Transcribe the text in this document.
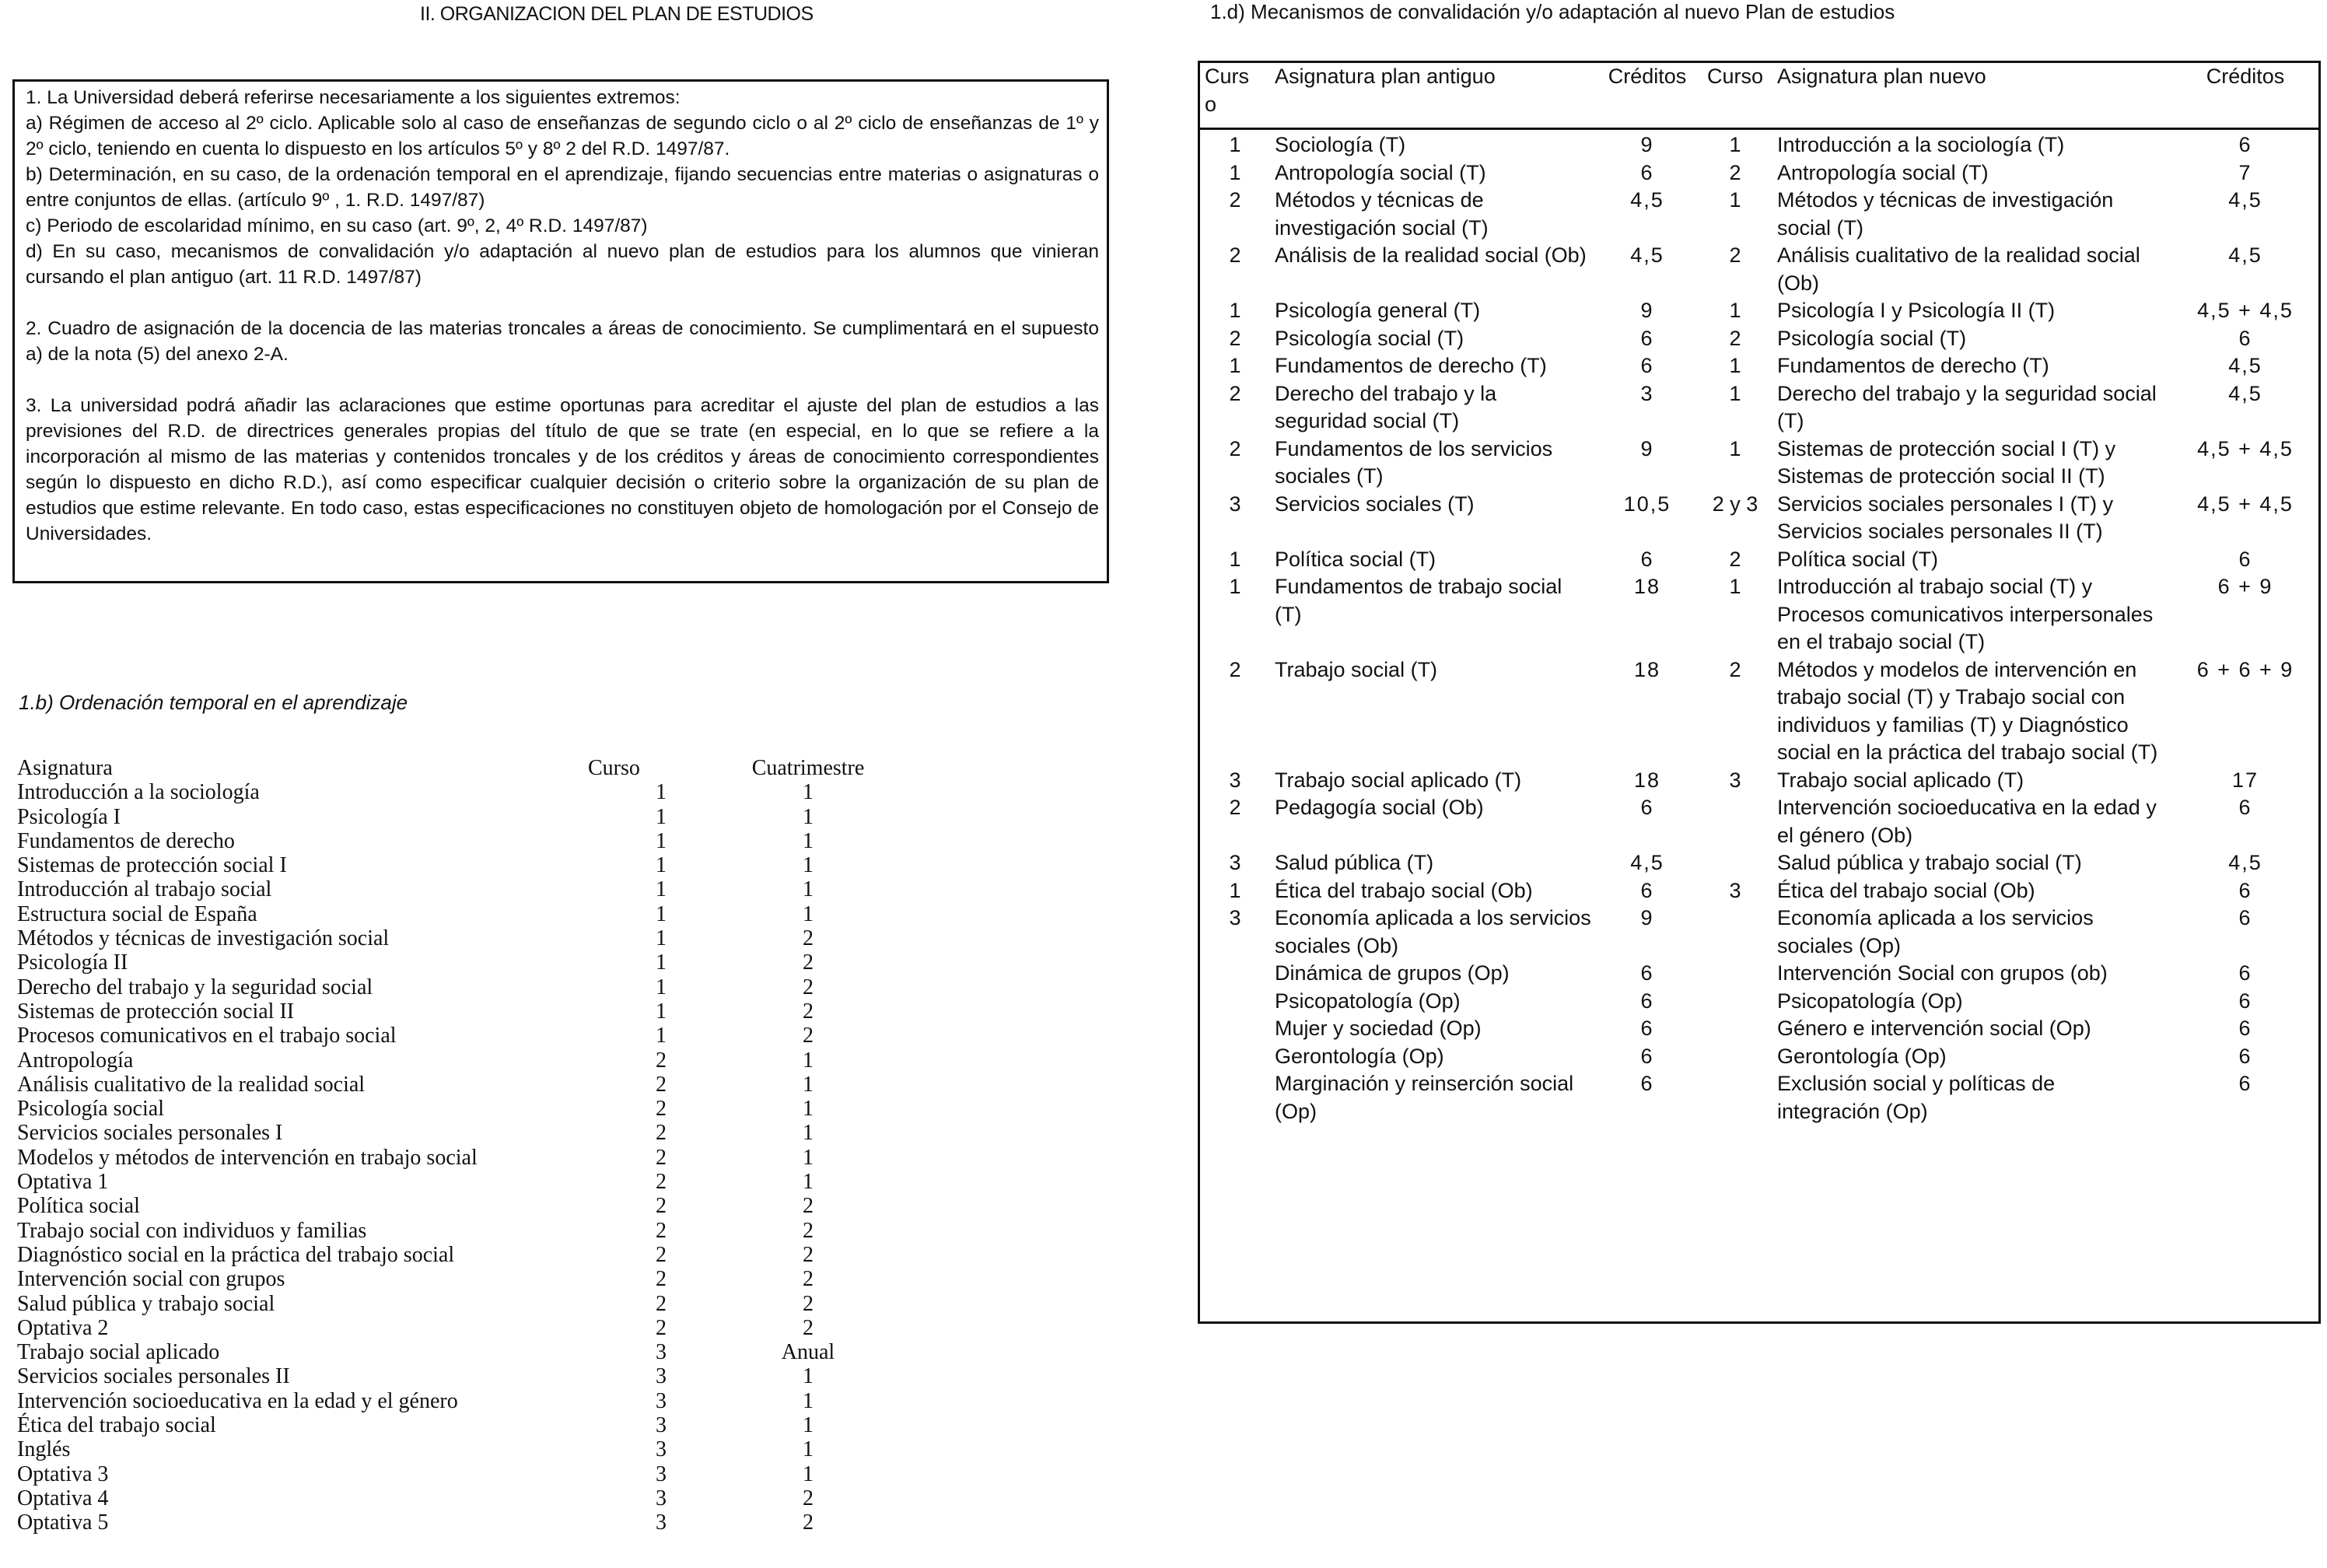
II. ORGANIZACION DEL PLAN DE ESTUDIOS

1. La Universidad deberá referirse necesariamente a los siguientes extremos:

a) Régimen de acceso al 2º ciclo. Aplicable solo al caso de enseñanzas de segundo ciclo o al 2º ciclo de enseñanzas de 1º y 2º ciclo, teniendo en cuenta lo dispuesto en los artículos 5º y 8º 2 del R.D. 1497/87.

b) Determinación, en su caso, de la ordenación temporal en el aprendizaje, fijando secuencias entre materias o asignaturas o entre conjuntos de ellas. (artículo 9º , 1. R.D. 1497/87)

c) Periodo de escolaridad mínimo, en su caso (art. 9º, 2, 4º R.D. 1497/87)

d) En su caso, mecanismos de convalidación y/o adaptación al nuevo plan de estudios para los alumnos que vinieran cursando el plan antiguo (art. 11 R.D. 1497/87)

2. Cuadro de asignación de la docencia de las materias troncales a áreas de conocimiento. Se cumplimentará en el supuesto a) de la nota (5) del anexo 2-A.

3. La universidad podrá añadir las aclaraciones que estime oportunas para acreditar el ajuste del plan de estudios a las previsiones del R.D. de directrices generales propias del título de que se trate (en especial, en lo que se refiere a la incorporación al mismo de las materias y contenidos troncales y de los créditos y áreas de conocimiento correspondientes según lo dispuesto en dicho R.D.), así como especificar cualquier decisión o criterio sobre la organización de su plan de estudios que estime relevante. En todo caso, estas especificaciones no constituyen objeto de homologación por el Consejo de Universidades.

1.b) Ordenación temporal en el aprendizaje
Asignatura	Curso	Cuatrimestre
Introducción a la sociología	1	1
Psicología I	1	1
Fundamentos de derecho	1	1
Sistemas de protección social I	1	1
Introducción al trabajo social	1	1
Estructura social de España	1	1
Métodos y técnicas de investigación social	1	2
Psicología II	1	2
Derecho del trabajo y la seguridad social	1	2
Sistemas de protección social II	1	2
Procesos comunicativos en el trabajo social	1	2
Antropología	2	1
Análisis cualitativo de la realidad social	2	1
Psicología social	2	1
Servicios sociales personales I	2	1
Modelos y métodos de intervención en trabajo social	2	1
Optativa 1	2	1
Política social	2	2
Trabajo social con individuos y familias	2	2
Diagnóstico social en la práctica del trabajo social	2	2
Intervención social con grupos	2	2
Salud pública y trabajo social	2	2
Optativa 2	2	2
Trabajo social aplicado	3	Anual
Servicios sociales personales II	3	1
Intervención socioeducativa en la edad y el género	3	1
Ética del trabajo social	3	1
Inglés	3	1
Optativa 3	3	1
Optativa 4	3	2
Optativa 5	3	2
1.d) Mecanismos de convalidación y/o adaptación al nuevo Plan de estudios
Curs o	Asignatura plan antiguo	Créditos	Curso	Asignatura plan nuevo	Créditos

1	Sociología (T)	9	1	Introducción a la sociología (T)	6
1	Antropología social (T)	6	2	Antropología social (T)	7
2	Métodos y técnicas de investigación social (T)	4,5	1	Métodos y técnicas de investigación social (T)	4,5
2	Análisis de la realidad social (Ob)	4,5	2	Análisis cualitativo de la realidad social (Ob)	4,5
1	Psicología general (T)	9	1	Psicología I y Psicología II (T)	4,5 + 4,5
2	Psicología social (T)	6	2	Psicología social (T)	6
1	Fundamentos de derecho (T)	6	1	Fundamentos de derecho (T)	4,5
2	Derecho del trabajo y la seguridad social (T)	3	1	Derecho del trabajo y la seguridad social (T)	4,5
2	Fundamentos de los servicios sociales (T)	9	1	Sistemas de protección social I (T) y Sistemas de protección social II (T)	4,5 + 4,5
3	Servicios sociales (T)	10,5	2 y 3	Servicios sociales personales I (T) y Servicios sociales personales II (T)	4,5 + 4,5
1	Política social (T)	6	2	Política social (T)	6
1	Fundamentos de trabajo social (T)	18	1	Introducción al trabajo social (T) y Procesos comunicativos interpersonales en el trabajo social (T)	6 + 9
2	Trabajo social (T)	18	2	Métodos y modelos de intervención en trabajo social (T) y Trabajo social con individuos y familias (T) y Diagnóstico social en la práctica del trabajo social (T)	6 + 6 + 9
3	Trabajo social aplicado (T)	18	3	Trabajo social aplicado (T)	17
2	Pedagogía social (Ob)	6		Intervención socioeducativa en la edad y el género (Ob)	6
3	Salud pública (T)	4,5		Salud pública y trabajo social (T)	4,5
1	Ética del trabajo social (Ob)	6	3	Ética del trabajo social (Ob)	6
3	Economía aplicada a los servicios sociales (Ob)	9		Economía aplicada a los servicios sociales (Op)	6
	Dinámica de grupos (Op)	6		Intervención Social con grupos (ob)	6
	Psicopatología (Op)	6		Psicopatología (Op)	6
	Mujer y sociedad (Op)	6		Género e intervención social (Op)	6
	Gerontología (Op)	6		Gerontología (Op)	6
	Marginación y reinserción social (Op)	6		Exclusión social y políticas de integración (Op)	6
